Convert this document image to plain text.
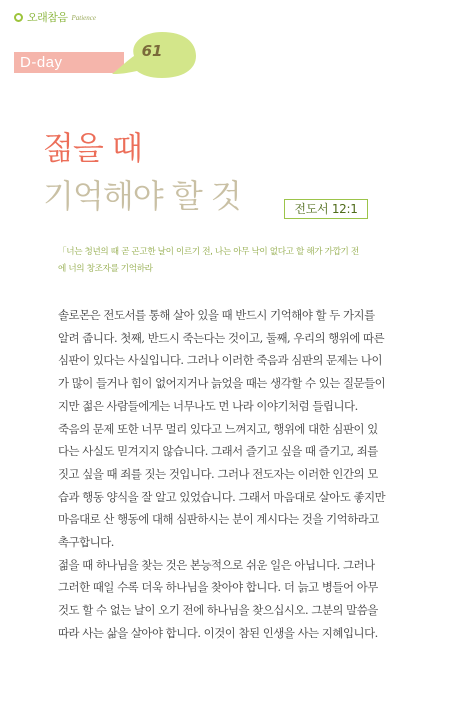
오래참음 Patience
D-day
61
젊을 때
기억해야 할 것	전도서 12:1

「너는 청년의 때 곧 곤고한 날이 이르기 전, 나는 아무 낙이 없다고 할 해가 가깝기 전
에 너의 창조자를 기억하라

솔로몬은 전도서를 통해 살아 있을 때 반드시 기억해야 할 두 가지를
알려 줍니다. 첫째, 반드시 죽는다는 것이고, 둘째, 우리의 행위에 따른
심판이 있다는 사실입니다. 그러나 이러한 죽음과 심판의 문제는 나이
가 많이 들거나 힘이 없어지거나 늙었을 때는 생각할 수 있는 질문들이
지만 젊은 사람들에게는 너무나도 먼 나라 이야기처럼 들립니다.
죽음의 문제 또한 너무 멀리 있다고 느껴지고, 행위에 대한 심판이 있
다는 사실도 믿겨지지 않습니다. 그래서 즐기고 싶을 때 즐기고, 죄를
짓고 싶을 때 죄를 짓는 것입니다. 그러나 전도자는 이러한 인간의 모
습과 행동 양식을 잘 알고 있었습니다. 그래서 마음대로 살아도 좋지만
마음대로 산 행동에 대해 심판하시는 분이 계시다는 것을 기억하라고
촉구합니다.
젊을 때 하나님을 찾는 것은 본능적으로 쉬운 일은 아닙니다. 그러나
그러한 때일 수록 더욱 하나님을 찾아야 합니다. 더 늙고 병들어 아무
것도 할 수 없는 날이 오기 전에 하나님을 찾으십시오. 그분의 말씀을
따라 사는 삶을 살아야 합니다. 이것이 참된 인생을 사는 지혜입니다.
